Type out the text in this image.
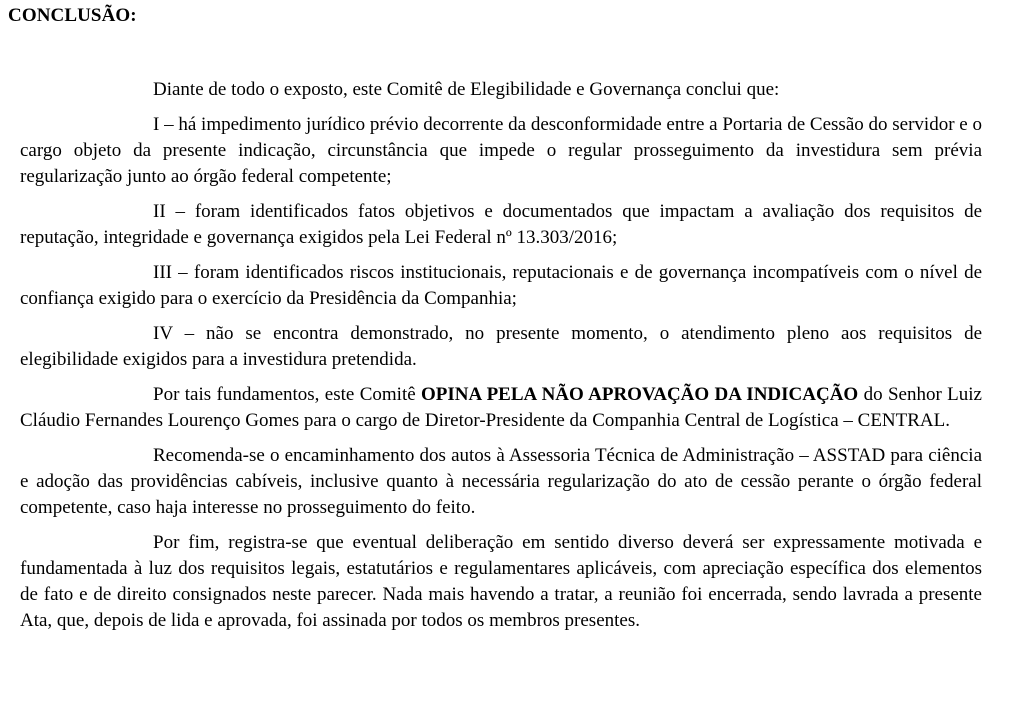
CONCLUSÃO:

Diante de todo o exposto, este Comitê de Elegibilidade e Governança conclui que:

I – há impedimento jurídico prévio decorrente da desconformidade entre a Portaria de Cessão do servidor e o cargo objeto da presente indicação, circunstância que impede o regular prosseguimento da investidura sem prévia regularização junto ao órgão federal competente;

II – foram identificados fatos objetivos e documentados que impactam a avaliação dos requisitos de reputação, integridade e governança exigidos pela Lei Federal nº 13.303/2016;

III – foram identificados riscos institucionais, reputacionais e de governança incompatíveis com o nível de confiança exigido para o exercício da Presidência da Companhia;

IV – não se encontra demonstrado, no presente momento, o atendimento pleno aos requisitos de elegibilidade exigidos para a investidura pretendida.

Por tais fundamentos, este Comitê OPINA PELA NÃO APROVAÇÃO DA INDICAÇÃO do Senhor Luiz Cláudio Fernandes Lourenço Gomes para o cargo de Diretor-Presidente da Companhia Central de Logística – CENTRAL.

Recomenda-se o encaminhamento dos autos à Assessoria Técnica de Administração – ASSTAD para ciência e adoção das providências cabíveis, inclusive quanto à necessária regularização do ato de cessão perante o órgão federal competente, caso haja interesse no prosseguimento do feito.

Por fim, registra-se que eventual deliberação em sentido diverso deverá ser expressamente motivada e fundamentada à luz dos requisitos legais, estatutários e regulamentares aplicáveis, com apreciação específica dos elementos de fato e de direito consignados neste parecer. Nada mais havendo a tratar, a reunião foi encerrada, sendo lavrada a presente Ata, que, depois de lida e aprovada, foi assinada por todos os membros presentes.
